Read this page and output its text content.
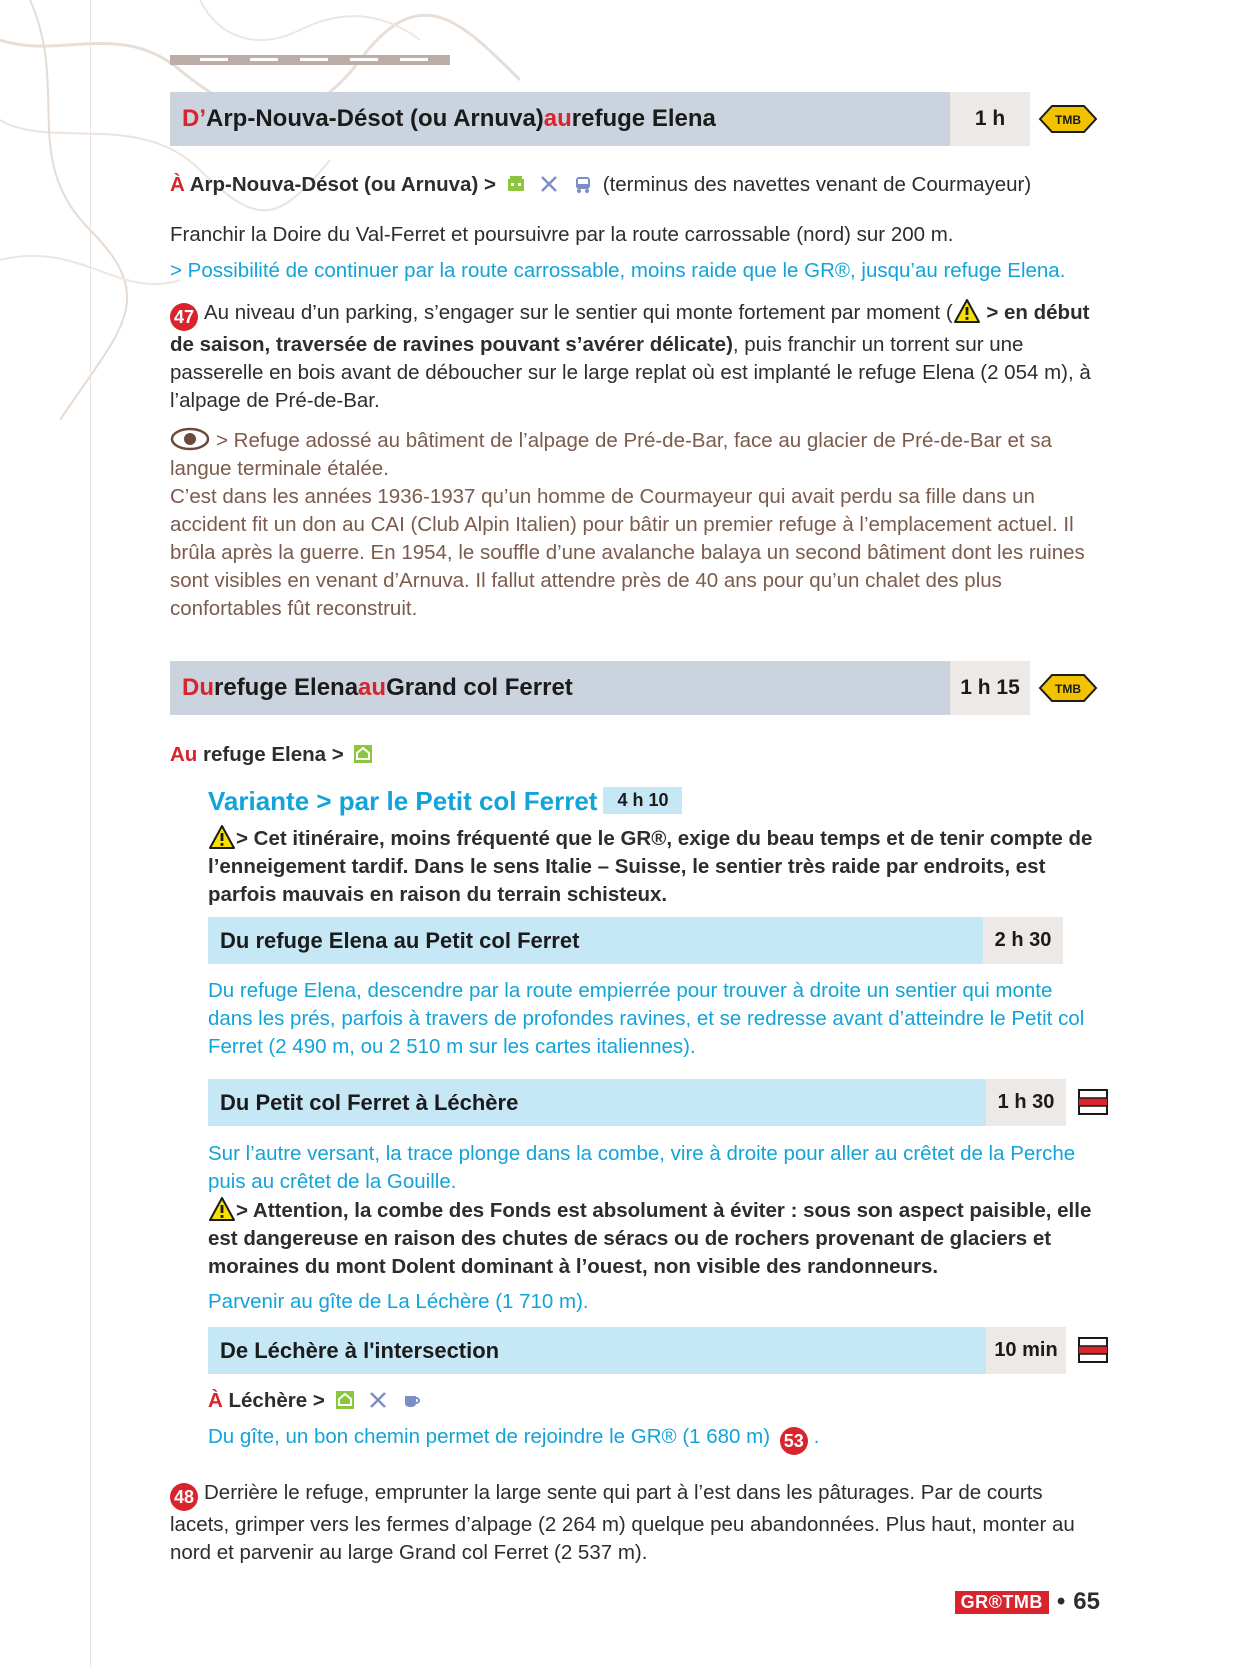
D’ Arp-Nouva-Désot (ou Arnuva) au refuge Elena	1 h	TMB

À Arp-Nouva-Désot (ou Arnuva) >	(terminus des navettes venant de Courmayeur)

Franchir la Doire du Val-Ferret et poursuivre par la route carrossable (nord) sur 200 m.

> Possibilité de continuer par la route carrossable, moins raide que le GR®, jusqu’au refuge Elena.

47 Au niveau d’un parking, s’engager sur le sentier qui monte fortement par moment ( > en début de saison, traversée de ravines pouvant s’avérer délicate), puis franchir un torrent sur une passerelle en bois avant de déboucher sur le large replat où est implanté le refuge Elena (2 054 m), à l’alpage de Pré-de-Bar.

> Refuge adossé au bâtiment de l’alpage de Pré-de-Bar, face au glacier de Pré-de-Bar et sa langue terminale étalée.
C’est dans les années 1936-1937 qu’un homme de Courmayeur qui avait perdu sa fille dans un accident fit un don au CAI (Club Alpin Italien) pour bâtir un premier refuge à l’emplacement actuel. Il brûla après la guerre. En 1954, le souffle d’une avalanche balaya un second bâtiment dont les ruines sont visibles en venant d’Arnuva. Il fallut attendre près de 40 ans pour qu’un chalet des plus confortables fût reconstruit.

Du refuge Elena au Grand col Ferret	1 h 15	TMB

Au refuge Elena >

Variante > par le Petit col Ferret 4 h 10

> Cet itinéraire, moins fréquenté que le GR®, exige du beau temps et de tenir compte de l’enneigement tardif. Dans le sens Italie – Suisse, le sentier très raide par endroits, est parfois mauvais en raison du terrain schisteux.

Du refuge Elena au Petit col Ferret	2 h 30

Du refuge Elena, descendre par la route empierrée pour trouver à droite un sentier qui monte dans les prés, parfois à travers de profondes ravines, et se redresse avant d’atteindre le Petit col Ferret (2 490 m, ou 2 510 m sur les cartes italiennes).

Du Petit col Ferret à Léchère	1 h 30

Sur l’autre versant, la trace plonge dans la combe, vire à droite pour aller au crêtet de la Perche puis au crêtet de la Gouille.

> Attention, la combe des Fonds est absolument à éviter : sous son aspect paisible, elle est dangereuse en raison des chutes de séracs ou de rochers provenant de glaciers et moraines du mont Dolent dominant à l’ouest, non visible des randonneurs.

Parvenir au gîte de La Léchère (1 710 m).

De Léchère à l'intersection	10 min

À Léchère >

Du gîte, un bon chemin permet de rejoindre le GR® (1 680 m) 53 .

48 Derrière le refuge, emprunter la large sente qui part à l’est dans les pâturages. Par de courts lacets, grimper vers les fermes d’alpage (2 264 m) quelque peu abandonnées. Plus haut, monter au nord et parvenir au large Grand col Ferret (2 537 m).

GR®TMB • 65
